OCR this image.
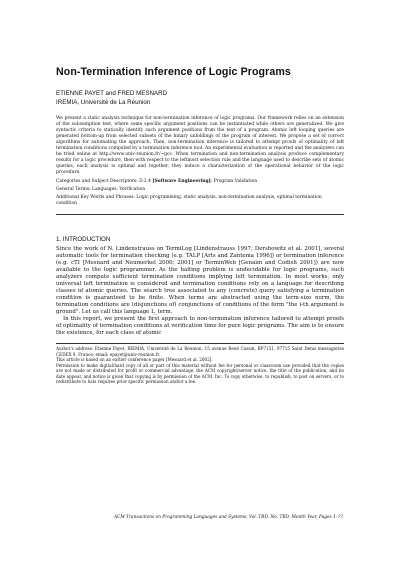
Non-Termination Inference of Logic Programs

ETIENNE PAYET and FRED MESNARD

IREMIA, Université de La Réunion

We present a static analysis technique for non-termination inference of logic programs. Our framework relies on an extension of the subsumption test, where some specific argument positions can be instantiated while others are generalized. We give syntactic criteria to statically identify such argument positions from the text of a program. Atomic left looping queries are generated bottom-up from selected subsets of the binary unfoldings of the program of interest. We propose a set of correct algorithms for automating the approach. Then, non-termination inference is tailored to attempt proofs of optimality of left termination conditions computed by a termination inference tool. An experimental evaluation is reported and the analyzers can be tried online at http://www.univ-reunion.fr/~gcc. When termination and non-termination analysis produce complementary results for a logic procedure, then with respect to the leftmost selection rule and the language used to describe sets of atomic queries, each analysis is optimal and together, they induce a characterization of the operational behavior of the logic procedure.

Categories and Subject Descriptors: D.2.4 [Software Engineering]: Program Validation

General Terms: Languages, Verification

Additional Key Words and Phrases: Logic programming, static analysis, non-termination analysis, optimal termination condition

1. INTRODUCTION

Since the work of N. Lindenstrauss on TermiLog [Lindenstrauss 1997; Dershowitz et al. 2001], several automatic tools for termination checking (e.g. TALP [Arts and Zantema 1996]) or termination inference (e.g. cTI [Mesnard and Neumerkel 2000; 2001] or TerminWeb [Genaim and Codish 2001]) are now available to the logic programmer. As the halting problem is undecidable for logic programs, such analyzers compute sufficient termination conditions implying left termination. In most works, only universal left termination is considered and termination conditions rely on a language for describing classes of atomic queries. The search tree associated to any (concrete) query satisfying a termination condition is guaranteed to be finite. When terms are abstracted using the term-size norm, the termination conditions are (disjunctions of) conjunctions of conditions of the form "the i-th argument is ground". Let us call this language L_term.

In this report, we present the first approach to non-termination inference tailored to attempt proofs of optimality of termination conditions at verification time for pure logic programs. The aim is to ensure the existence, for each class of atomic

Author's address: Etienne Payet, IREMIA, Université de La Réunion, 15 avenue René Cassin, BP7151, 97715 Saint Denis messageries CEDEX 9, France; email: epayet@univ-reunion.fr.

This article is based on an earlier conference paper [Mesnard et al. 2002].

Permission to make digital/hard copy of all or part of this material without fee for personal or classroom use provided that the copies are not made or distributed for profit or commercial advantage, the ACM copyright/server notice, the title of the publication, and its date appear, and notice is given that copying is by permission of the ACM, Inc. To copy otherwise, to republish, to post on servers, or to redistribute to lists requires prior specific permission and/or a fee.

ACM Transactions on Programming Languages and Systems, Vol. TBD, No. TBD, Month Year, Pages 1–??.
